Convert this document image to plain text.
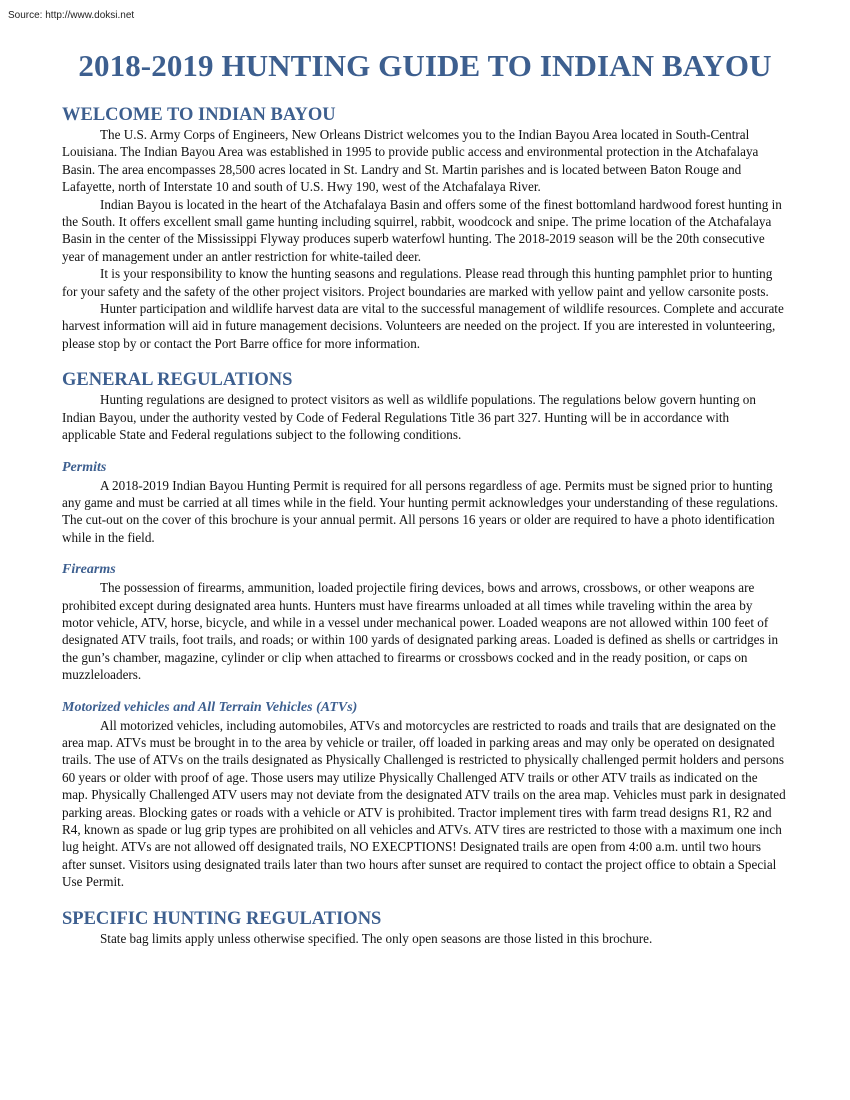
Source: http://www.doksi.net
2018-2019 HUNTING GUIDE TO INDIAN BAYOU
WELCOME TO INDIAN BAYOU

The U.S. Army Corps of Engineers, New Orleans District welcomes you to the Indian Bayou Area located in South-Central Louisiana. The Indian Bayou Area was established in 1995 to provide public access and environmental protection in the Atchafalaya Basin. The area encompasses 28,500 acres located in St. Landry and St. Martin parishes and is located between Baton Rouge and Lafayette, north of Interstate 10 and south of U.S. Hwy 190, west of the Atchafalaya River.

Indian Bayou is located in the heart of the Atchafalaya Basin and offers some of the finest bottomland hardwood forest hunting in the South. It offers excellent small game hunting including squirrel, rabbit, woodcock and snipe. The prime location of the Atchafalaya Basin in the center of the Mississippi Flyway produces superb waterfowl hunting. The 2018-2019 season will be the 20th consecutive year of management under an antler restriction for white-tailed deer.

It is your responsibility to know the hunting seasons and regulations. Please read through this hunting pamphlet prior to hunting for your safety and the safety of the other project visitors. Project boundaries are marked with yellow paint and yellow carsonite posts.

Hunter participation and wildlife harvest data are vital to the successful management of wildlife resources. Complete and accurate harvest information will aid in future management decisions. Volunteers are needed on the project. If you are interested in volunteering, please stop by or contact the Port Barre office for more information.

GENERAL REGULATIONS

Hunting regulations are designed to protect visitors as well as wildlife populations. The regulations below govern hunting on Indian Bayou, under the authority vested by Code of Federal Regulations Title 36 part 327. Hunting will be in accordance with applicable State and Federal regulations subject to the following conditions.

Permits

A 2018-2019 Indian Bayou Hunting Permit is required for all persons regardless of age. Permits must be signed prior to hunting any game and must be carried at all times while in the field. Your hunting permit acknowledges your understanding of these regulations. The cut-out on the cover of this brochure is your annual permit. All persons 16 years or older are required to have a photo identification while in the field.

Firearms

The possession of firearms, ammunition, loaded projectile firing devices, bows and arrows, crossbows, or other weapons are prohibited except during designated area hunts. Hunters must have firearms unloaded at all times while traveling within the area by motor vehicle, ATV, horse, bicycle, and while in a vessel under mechanical power. Loaded weapons are not allowed within 100 feet of designated ATV trails, foot trails, and roads; or within 100 yards of designated parking areas. Loaded is defined as shells or cartridges in the gun’s chamber, magazine, cylinder or clip when attached to firearms or crossbows cocked and in the ready position, or caps on muzzleloaders.

Motorized vehicles and All Terrain Vehicles (ATVs)

All motorized vehicles, including automobiles, ATVs and motorcycles are restricted to roads and trails that are designated on the area map. ATVs must be brought in to the area by vehicle or trailer, off loaded in parking areas and may only be operated on designated trails. The use of ATVs on the trails designated as Physically Challenged is restricted to physically challenged permit holders and persons 60 years or older with proof of age. Those users may utilize Physically Challenged ATV trails or other ATV trails as indicated on the map. Physically Challenged ATV users may not deviate from the designated ATV trails on the area map. Vehicles must park in designated parking areas. Blocking gates or roads with a vehicle or ATV is prohibited. Tractor implement tires with farm tread designs R1, R2 and R4, known as spade or lug grip types are prohibited on all vehicles and ATVs. ATV tires are restricted to those with a maximum one inch lug height. ATVs are not allowed off designated trails, NO EXECPTIONS! Designated trails are open from 4:00 a.m. until two hours after sunset. Visitors using designated trails later than two hours after sunset are required to contact the project office to obtain a Special Use Permit.

SPECIFIC HUNTING REGULATIONS

State bag limits apply unless otherwise specified. The only open seasons are those listed in this brochure.
